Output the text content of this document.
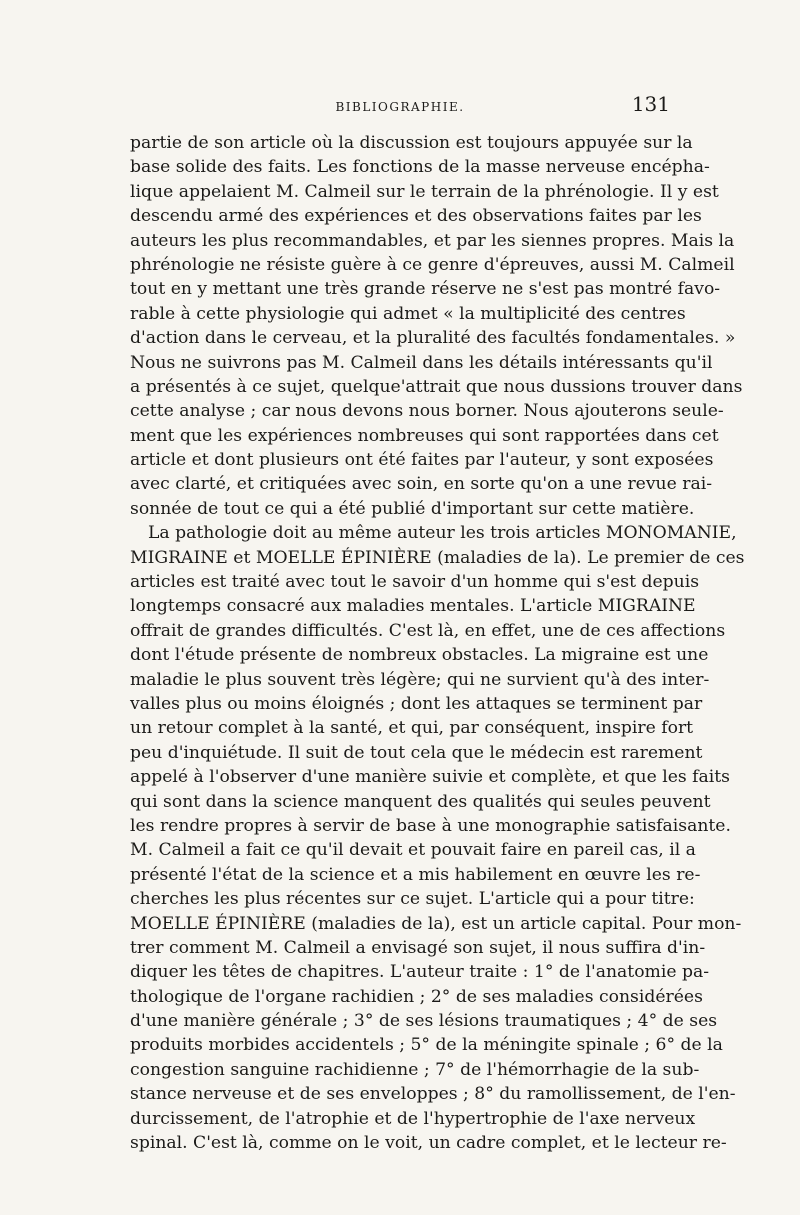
BIBLIOGRAPHIE.	131
partie de son article où la discussion est toujours appuyée sur la
base solide des faits. Les fonctions de la masse nerveuse encépha-
lique appelaient M. Calmeil sur le terrain de la phrénologie. Il y est
descendu armé des expériences et des observations faites par les
auteurs les plus recommandables, et par les siennes propres. Mais la
phrénologie ne résiste guère à ce genre d'épreuves, aussi M. Calmeil
tout en y mettant une très grande réserve ne s'est pas montré favo-
rable à cette physiologie qui admet « la multiplicité des centres
d'action dans le cerveau, et la pluralité des facultés fondamentales. »
Nous ne suivrons pas M. Calmeil dans les détails intéressants qu'il
a présentés à ce sujet, quelque'attrait que nous dussions trouver dans
cette analyse ; car nous devons nous borner. Nous ajouterons seule-
ment que les expériences nombreuses qui sont rapportées dans cet
article et dont plusieurs ont été faites par l'auteur, y sont exposées
avec clarté, et critiquées avec soin, en sorte qu'on a une revue rai-
sonnée de tout ce qui a été publié d'important sur cette matière.
La pathologie doit au même auteur les trois articles MONOMANIE,
MIGRAINE et MOELLE ÉPINIÈRE (maladies de la). Le premier de ces
articles est traité avec tout le savoir d'un homme qui s'est depuis
longtemps consacré aux maladies mentales. L'article MIGRAINE
offrait de grandes difficultés. C'est là, en effet, une de ces affections
dont l'étude présente de nombreux obstacles. La migraine est une
maladie le plus souvent très légère; qui ne survient qu'à des inter-
valles plus ou moins éloignés ; dont les attaques se terminent par
un retour complet à la santé, et qui, par conséquent, inspire fort
peu d'inquiétude. Il suit de tout cela que le médecin est rarement
appelé à l'observer d'une manière suivie et complète, et que les faits
qui sont dans la science manquent des qualités qui seules peuvent
les rendre propres à servir de base à une monographie satisfaisante.
M. Calmeil a fait ce qu'il devait et pouvait faire en pareil cas, il a
présenté l'état de la science et a mis habilement en œuvre les re-
cherches les plus récentes sur ce sujet. L'article qui a pour titre:
MOELLE ÉPINIÈRE (maladies de la), est un article capital. Pour mon-
trer comment M. Calmeil a envisagé son sujet, il nous suffira d'in-
diquer les têtes de chapitres. L'auteur traite : 1° de l'anatomie pa-
thologique de l'organe rachidien ; 2° de ses maladies considérées
d'une manière générale ; 3° de ses lésions traumatiques ; 4° de ses
produits morbides accidentels ; 5° de la méningite spinale ; 6° de la
congestion sanguine rachidienne ; 7° de l'hémorrhagie de la sub-
stance nerveuse et de ses enveloppes ; 8° du ramollissement, de l'en-
durcissement, de l'atrophie et de l'hypertrophie de l'axe nerveux
spinal. C'est là, comme on le voit, un cadre complet, et le lecteur re-
